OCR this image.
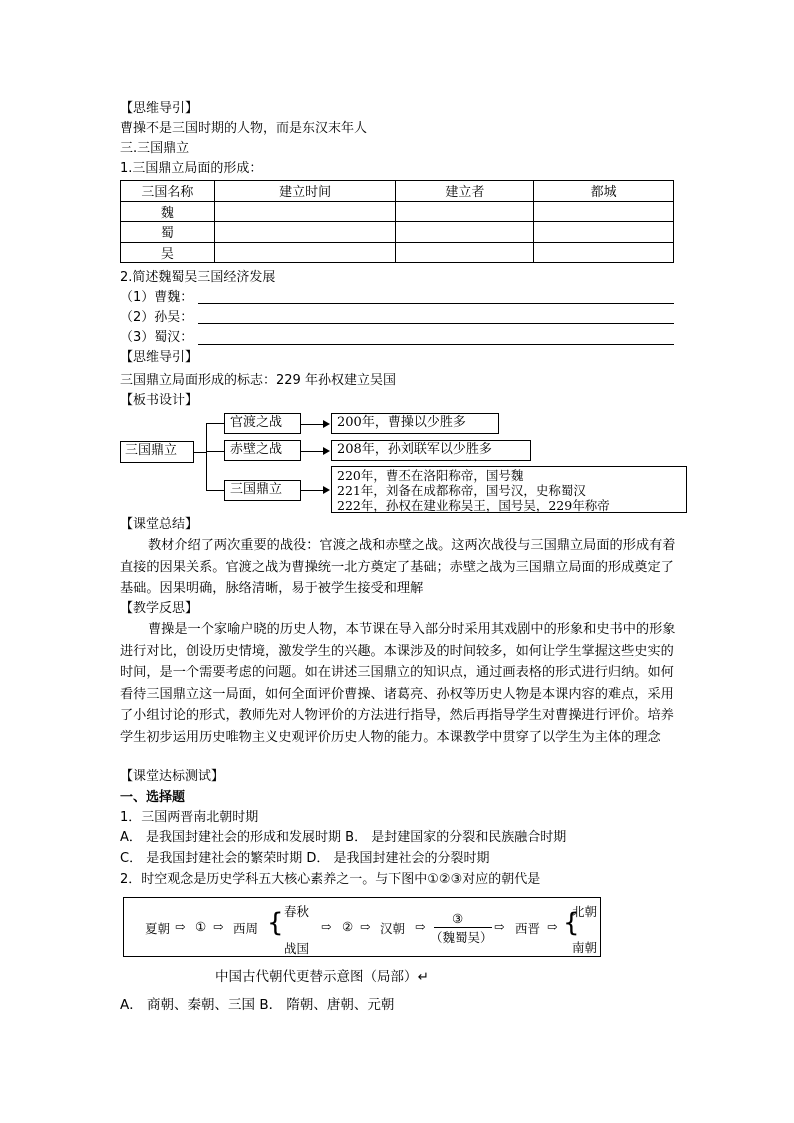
【思维导引】
曹操不是三国时期的人物，而是东汉末年人
三.三国鼎立
1.三国鼎立局面的形成：
三国名称	建立时间	建立者	都城
魏			
蜀			
吴			
2.简述魏蜀吴三国经济发展
（1）曹魏：
（2）孙吴：
（3）蜀汉：
【思维导引】
三国鼎立局面形成的标志：229 年孙权建立吴国
【板书设计】
三国鼎立
官渡之战
赤壁之战
三国鼎立
200年，曹操以少胜多
208年，孙刘联军以少胜多
220年，曹丕在洛阳称帝，国号魏
221年，刘备在成都称帝，国号汉，史称蜀汉
222年，孙权在建业称吴王，国号吴，229年称帝
【课堂总结】

教材介绍了两次重要的战役：官渡之战和赤壁之战。这两次战役与三国鼎立局面的形成有着直接的因果关系。官渡之战为曹操统一北方奠定了基础；赤壁之战为三国鼎立局面的形成奠定了基础。因果明确，脉络清晰，易于被学生接受和理解

【教学反思】

曹操是一个家喻户晓的历史人物，本节课在导入部分时采用其戏剧中的形象和史书中的形象进行对比，创设历史情境，激发学生的兴趣。本课涉及的时间较多，如何让学生掌握这些史实的时间，是一个需要考虑的问题。如在讲述三国鼎立的知识点，通过画表格的形式进行归纳。如何看待三国鼎立这一局面，如何全面评价曹操、诸葛亮、孙权等历史人物是本课内容的难点，采用了小组讨论的形式，教师先对人物评价的方法进行指导，然后再指导学生对曹操进行评价。培养学生初步运用历史唯物主义史观评价历史人物的能力。本课教学中贯穿了以学生为主体的理念

【课堂达标测试】
一、选择题
1．三国两晋南北朝时期
A． 是我国封建社会的形成和发展时期 B． 是封建国家的分裂和民族融合时期
C． 是我国封建社会的繁荣时期 D． 是我国封建社会的分裂时期
2．时空观念是历史学科五大核心素养之一。与下图中①②③对应的朝代是
夏朝 ⇨ ① ⇨ 西周 { 春秋
战国
⇨ ② ⇨ 汉朝 ⇨
③
（魏蜀吴）
⇨ 西晋 ⇨ {
北朝
南朝
中国古代朝代更替示意图（局部）↵
A． 商朝、秦朝、三国 B． 隋朝、唐朝、元朝
